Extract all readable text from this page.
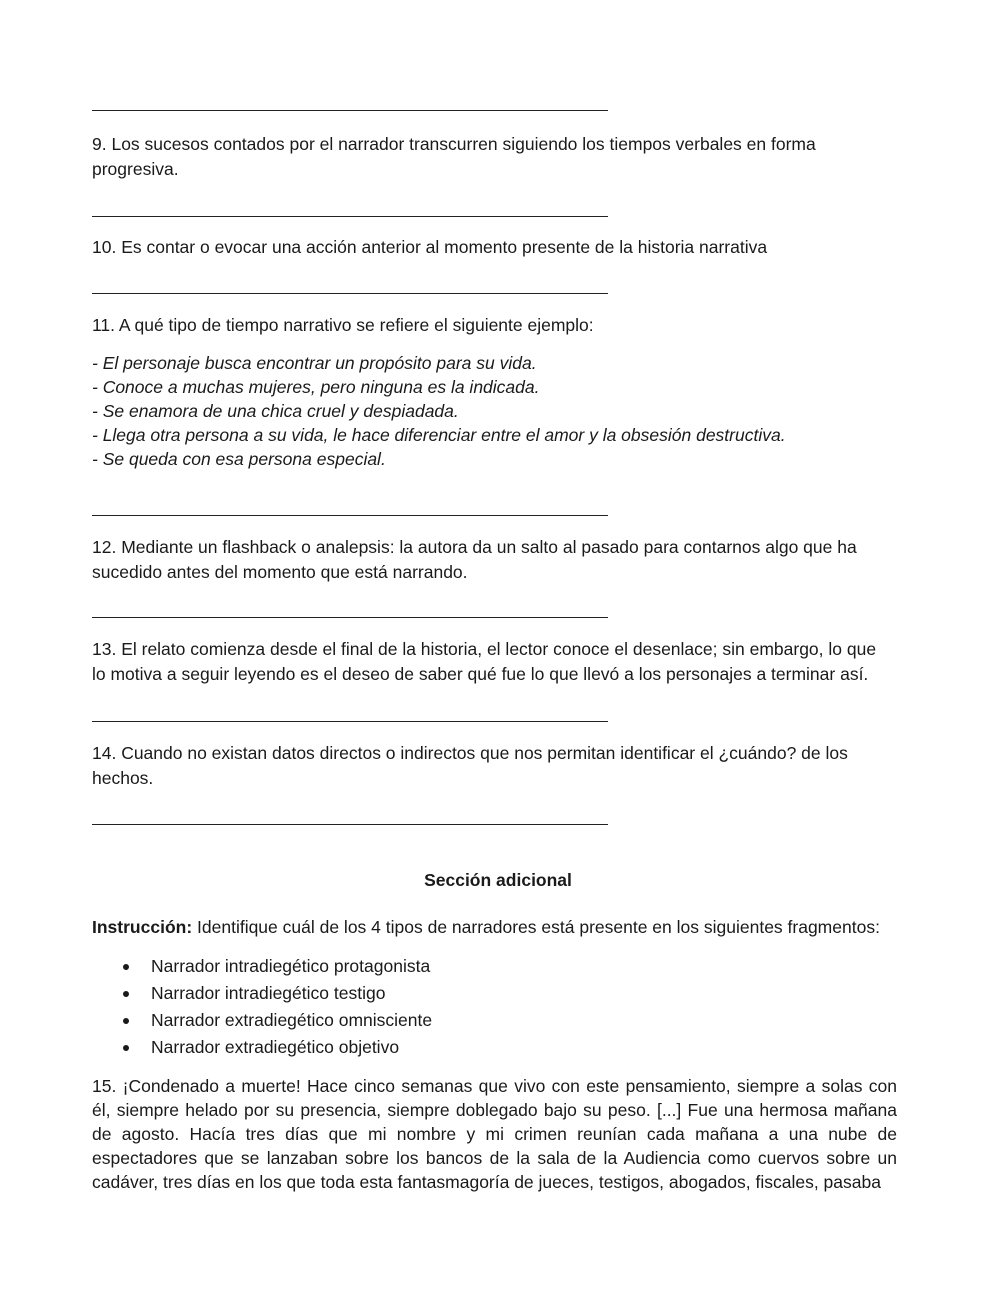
9. Los sucesos contados por el narrador transcurren siguiendo los tiempos verbales en forma progresiva.
10. Es contar o evocar una acción anterior al momento presente de la historia narrativa
11. A qué tipo de tiempo narrativo se refiere el siguiente ejemplo:
- El personaje busca encontrar un propósito para su vida.
- Conoce a muchas mujeres, pero ninguna es la indicada.
- Se enamora de una chica cruel y despiadada.
- Llega otra persona a su vida, le hace diferenciar entre el amor y la obsesión destructiva.
- Se queda con esa persona especial.
12. Mediante un flashback o analepsis: la autora da un salto al pasado para contarnos algo que ha sucedido antes del momento que está narrando.
13. El relato comienza desde el final de la historia, el lector conoce el desenlace; sin embargo, lo que lo motiva a seguir leyendo es el deseo de saber qué fue lo que llevó a los personajes a terminar así.
14. Cuando no existan datos directos o indirectos que nos permitan identificar el ¿cuándo? de los hechos.
Sección adicional
Instrucción: Identifique cuál de los 4 tipos de narradores está presente en los siguientes fragmentos:
Narrador intradiegético protagonista
Narrador intradiegético testigo
Narrador extradiegético omnisciente
Narrador extradiegético objetivo
15. ¡Condenado a muerte! Hace cinco semanas que vivo con este pensamiento, siempre a solas con él, siempre helado por su presencia, siempre doblegado bajo su peso. [...] Fue una hermosa mañana de agosto. Hacía tres días que mi nombre y mi crimen reunían cada mañana a una nube de espectadores que se lanzaban sobre los bancos de la sala de la Audiencia como cuervos sobre un cadáver, tres días en los que toda esta fantasmagoría de jueces, testigos, abogados, fiscales, pasaba
